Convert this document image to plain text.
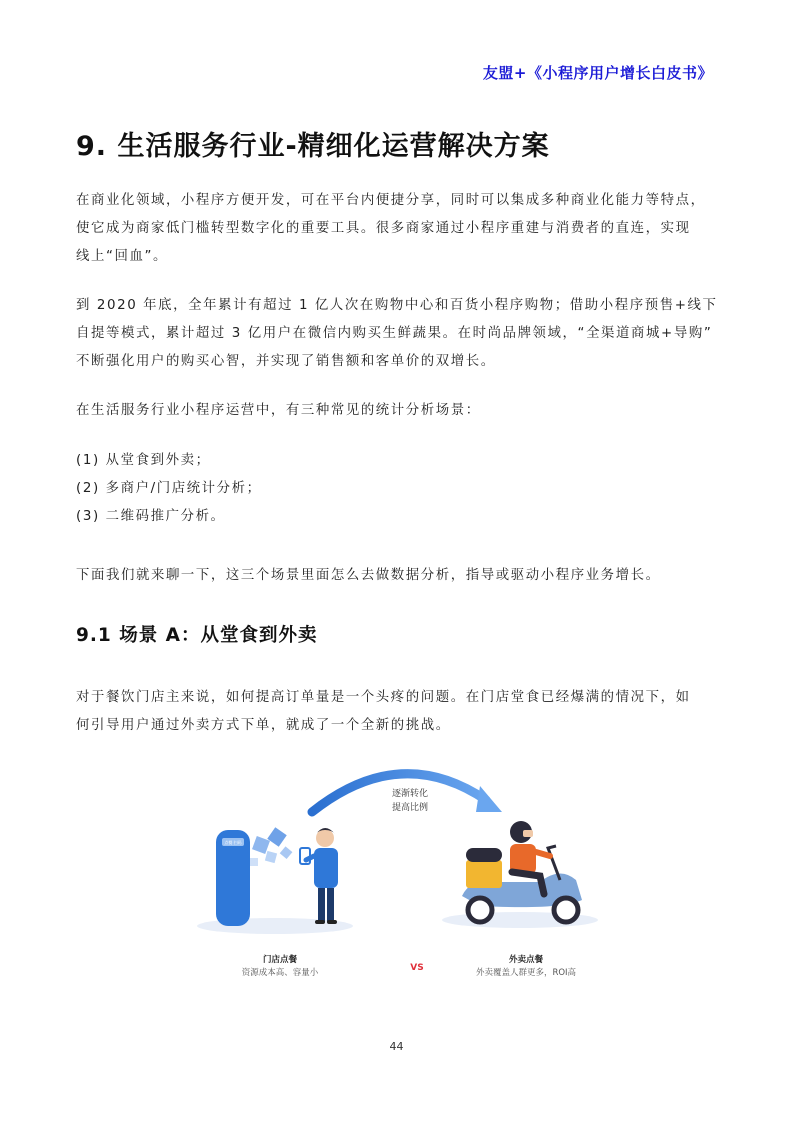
友盟+《小程序用户增长白皮书》
9. 生活服务行业-精细化运营解决方案
在商业化领域，小程序方便开发，可在平台内便捷分享，同时可以集成多种商业化能力等特点，
使它成为商家低门槛转型数字化的重要工具。很多商家通过小程序重建与消费者的直连，实现
线上“回血”。
到 2020 年底，全年累计有超过 1 亿人次在购物中心和百货小程序购物；借助小程序预售+线下
自提等模式，累计超过 3 亿用户在微信内购买生鲜蔬果。在时尚品牌领域，“全渠道商城+导购”
不断强化用户的购买心智，并实现了销售额和客单价的双增长。
在生活服务行业小程序运营中，有三种常见的统计分析场景：
(1) 从堂食到外卖；
(2) 多商户/门店统计分析；
(3) 二维码推广分析。
下面我们就来聊一下，这三个场景里面怎么去做数据分析，指导或驱动小程序业务增长。
9.1 场景 A：从堂食到外卖
对于餐饮门店主来说，如何提高订单量是一个头疼的问题。在门店堂食已经爆满的情况下，如
何引导用户通过外卖方式下单，就成了一个全新的挑战。
逐渐转化
提高比例
点餐 扫码
门店点餐
资源成本高、容量小	VS
外卖点餐
外卖覆盖人群更多，ROI高
44
